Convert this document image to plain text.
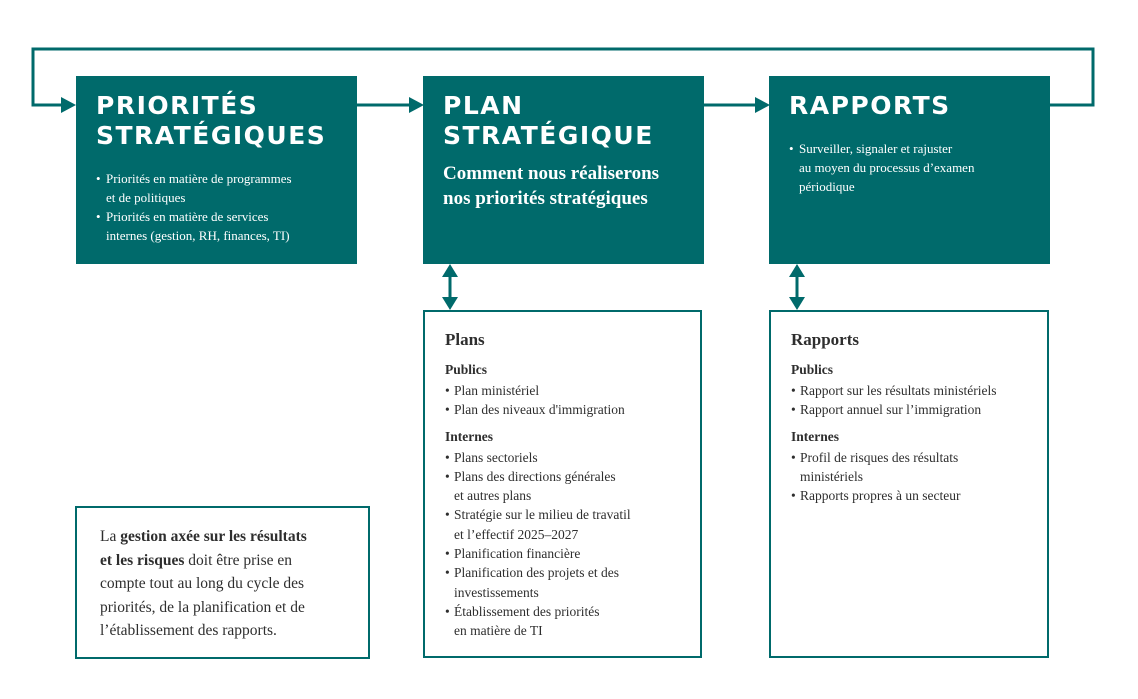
PRIORITÉS
STRATÉGIQUES
• Priorités en matière de programmes
et de politiques
• Priorités en matière de services
internes (gestion, RH, finances, TI)
PLAN
STRATÉGIQUE

Comment nous réaliserons
nos priorités stratégiques

RAPPORTS
• Surveiller, signaler et rajuster
au moyen du processus d’examen
périodique
Plans
Publics
• Plan ministériel
• Plan des niveaux d'immigration
Internes
• Plans sectoriels
• Plans des directions générales
et autres plans
• Stratégie sur le milieu de travatil
et l’effectif 2025–2027
• Planification financière
• Planification des projets et des
investissements
• Établissement des priorités
en matière de TI
Rapports
Publics
• Rapport sur les résultats ministériels
• Rapport annuel sur l’immigration
Internes
• Profil de risques des résultats
ministériels
• Rapports propres à un secteur
La gestion axée sur les résultats
et les risques doit être prise en
compte tout au long du cycle des
priorités, de la planification et de
l’établissement des rapports.
